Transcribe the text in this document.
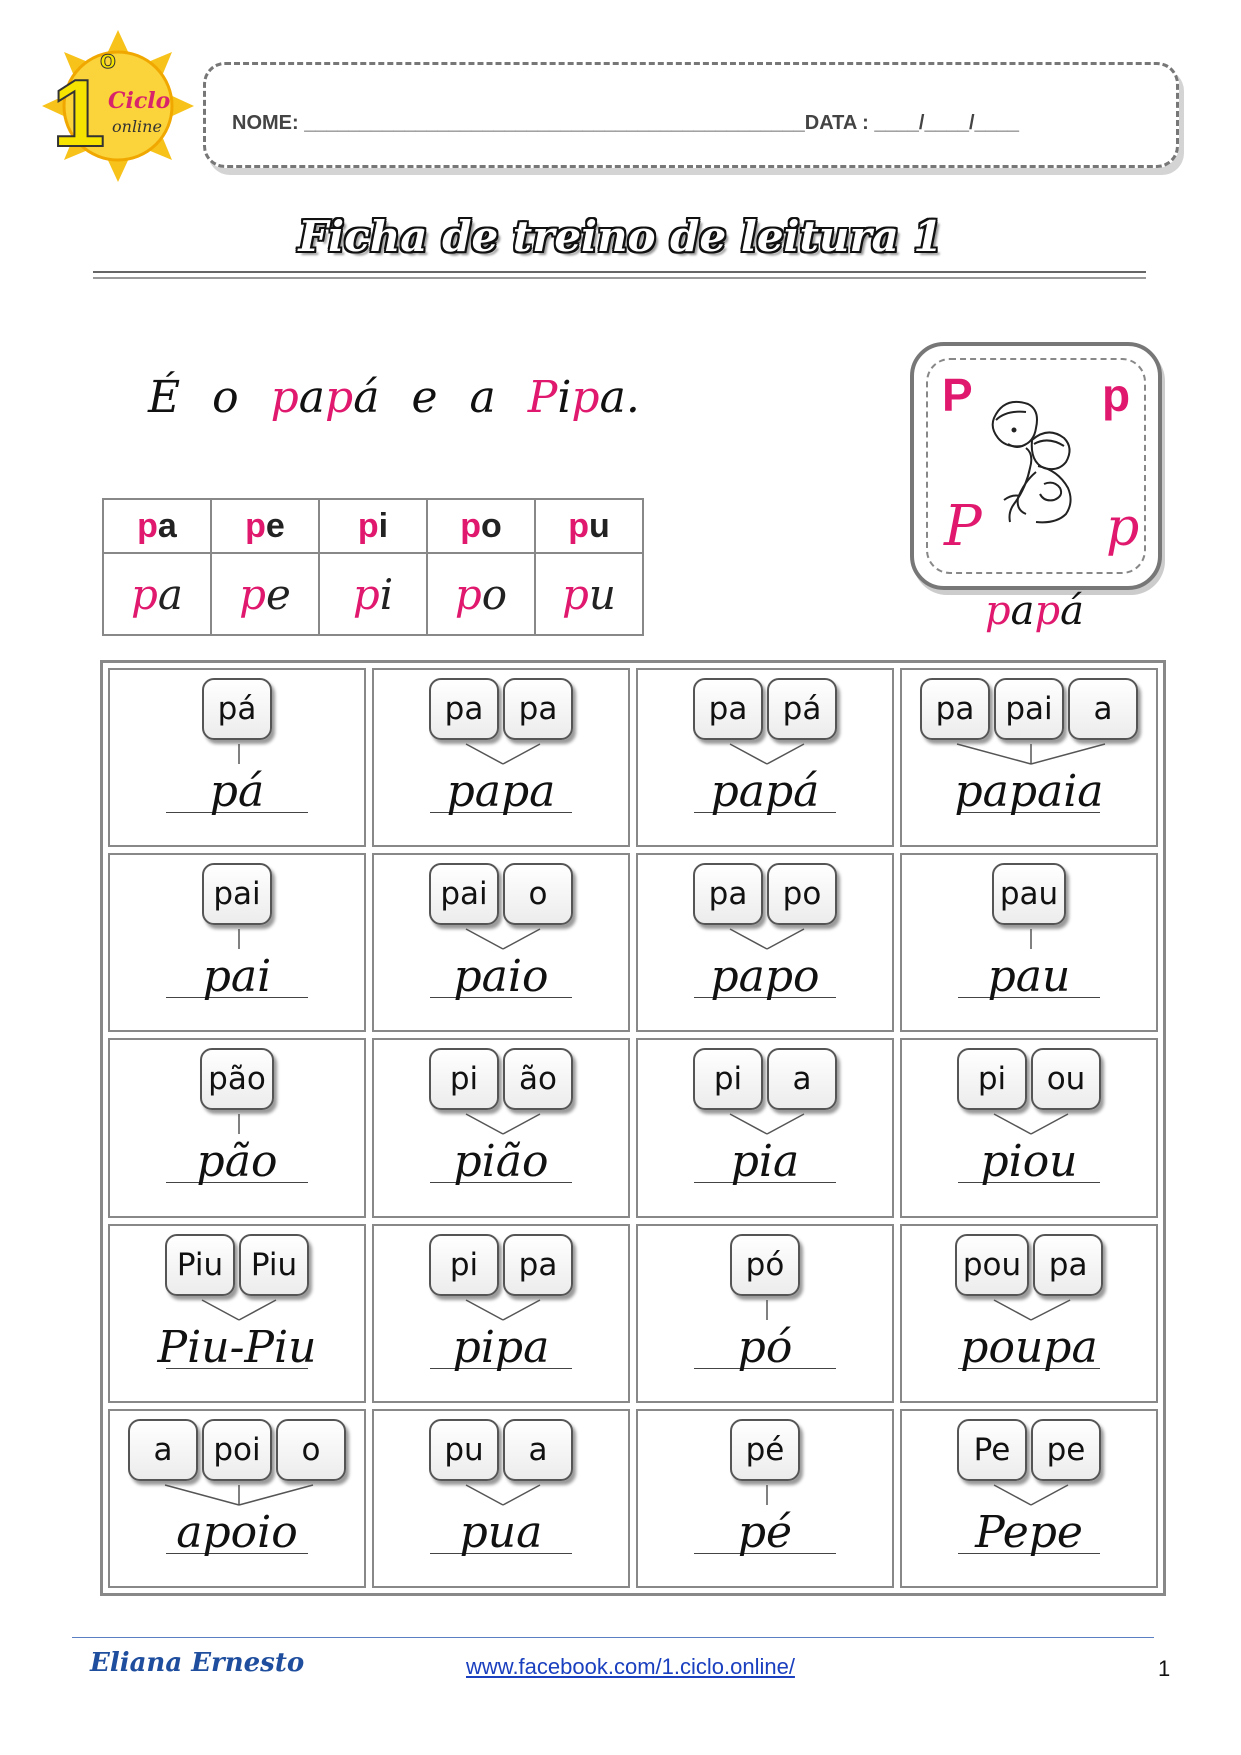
1
o
Ciclo
online	NOME: _____________________________________________DATA : ____/____/____
Ficha de treino de leitura 1
É o papá e a Pipa.
pa	pe	pi	po	pu
pa	pe	pi	po	pu
P	p
P p
papá
pá
pá
pa	pa
papa
pa	pá
papá
pa	pai	a
papaia
pai
pai
pai	o
paio
pa	po
papo
pau
pau
pão
pão
pi	ão
pião
pi	a
pia
pi	ou
piou
Piu Piu
Piu-Piu
pi	pa
pipa
pó
pó
pou pa
poupa
a	poi	o
apoio
pu	a
pua
pé
pé
Pe	pe
Pepe
Eliana Ernesto	www.facebook.com/1.ciclo.online/	1
